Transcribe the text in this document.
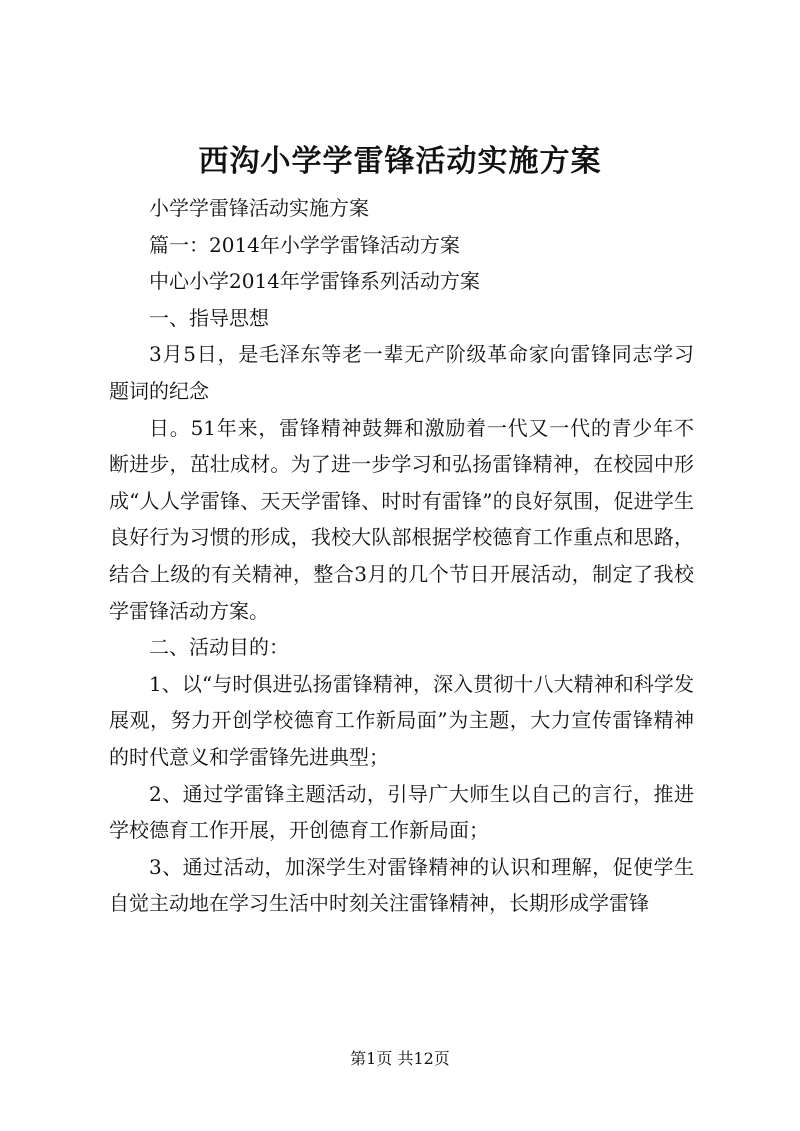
西沟小学学雷锋活动实施方案

小学学雷锋活动实施方案

篇一：2014年小学学雷锋活动方案

中心小学2014年学雷锋系列活动方案

一、指导思想

3月5日，是毛泽东等老一辈无产阶级革命家向雷锋同志学习题词的纪念

日。51年来，雷锋精神鼓舞和激励着一代又一代的青少年不断进步，茁壮成材。为了进一步学习和弘扬雷锋精神，在校园中形成“人人学雷锋、天天学雷锋、时时有雷锋”的良好氛围，促进学生良好行为习惯的形成，我校大队部根据学校德育工作重点和思路，结合上级的有关精神，整合3月的几个节日开展活动，制定了我校学雷锋活动方案。

二、活动目的：

1、以“与时俱进弘扬雷锋精神，深入贯彻十八大精神和科学发展观，努力开创学校德育工作新局面”为主题，大力宣传雷锋精神的时代意义和学雷锋先进典型；

2、通过学雷锋主题活动，引导广大师生以自己的言行，推进学校德育工作开展，开创德育工作新局面；

3、通过活动，加深学生对雷锋精神的认识和理解，促使学生自觉主动地在学习生活中时刻关注雷锋精神，长期形成学雷锋

第1页 共12页
